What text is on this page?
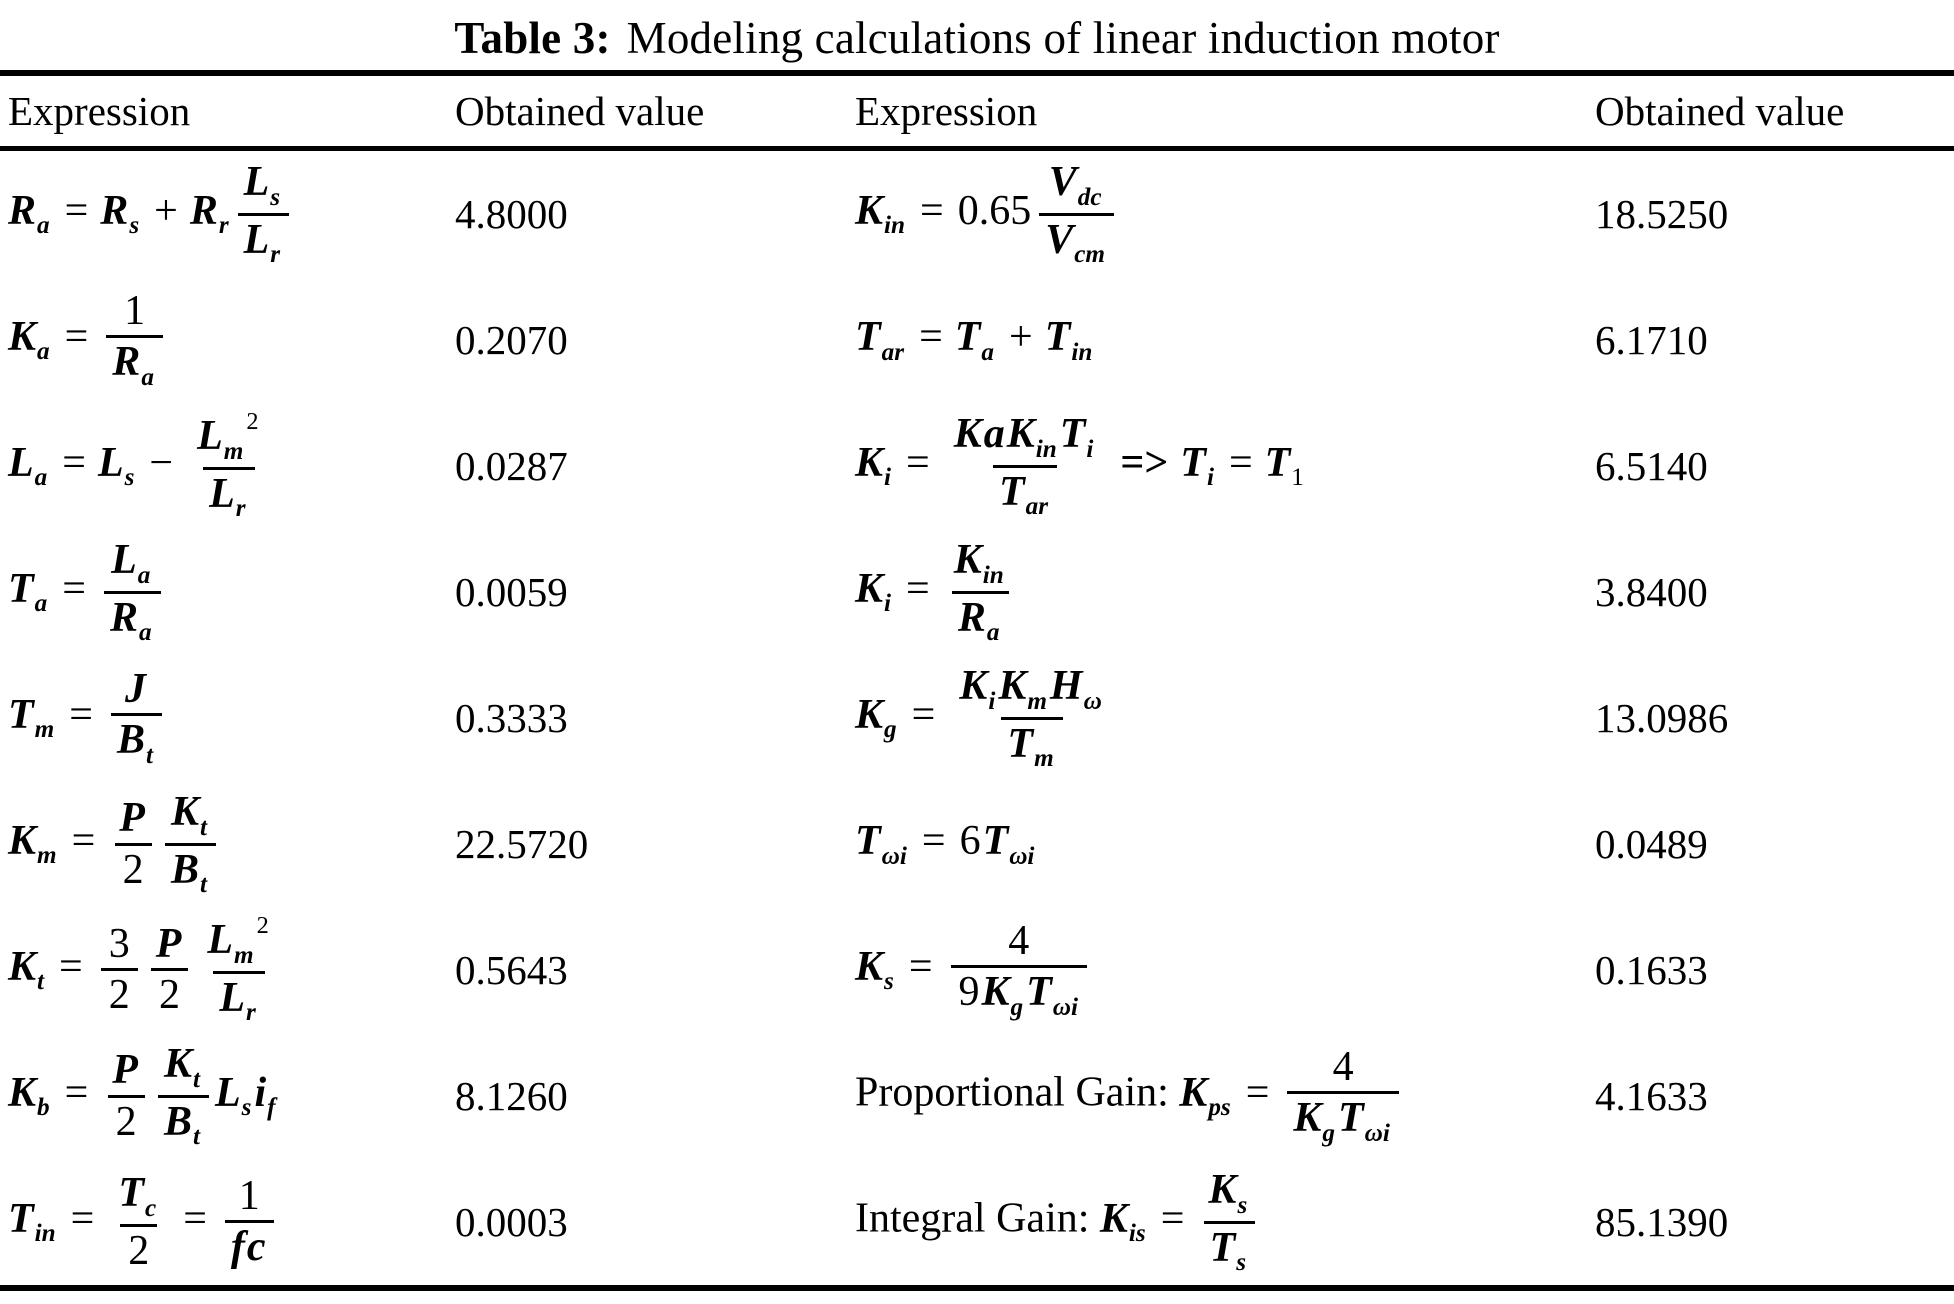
Table 3: Modeling calculations of linear induction motor
Expression	Obtained value	Expression	Obtained value
$R_a = R_s + R_r \frac{L_s}{L_r}$	4.8000	$K_{in} = 0.65 \frac{V_{dc}}{V_{cm}}$	18.5250
$K_a = \frac{1}{R_a}$	0.2070	$T_{ar} = T_a + T_{in}$	6.1710
$L_a = L_s - \frac{L_m^2}{L_r}$	0.0287	$K_i = \frac{KaK_{in}T_i}{T_{ar}} => T_i = T_1$	6.5140
$T_a = \frac{L_a}{R_a}$	0.0059	$K_i = \frac{K_{in}}{R_a}$	3.8400
$T_m = \frac{J}{B_t}$	0.3333	$K_g = \frac{K_iK_mH_\omega}{T_m}$	13.0986
$K_m = \frac{P}{2} \frac{K_t}{B_t}$	22.5720	$T_{\omega i} = 6T_{\omega i}$	0.0489
$K_t = \frac{3}{2} \frac{P}{2} \frac{L_m^2}{L_r}$	0.5643	$K_s = \frac{4}{9K_gT_{\omega i}}$	0.1633
$K_b = \frac{P}{2} \frac{K_t}{B_t} L_si_f$	8.1260	Proportional Gain: $K_{ps} = \frac{4}{K_gT_{\omega i}}$	4.1633
$T_{in} = \frac{T_c}{2} = \frac{1}{fc}$	0.0003	Integral Gain: $K_{is} = \frac{K_s}{T_s}$	85.1390
